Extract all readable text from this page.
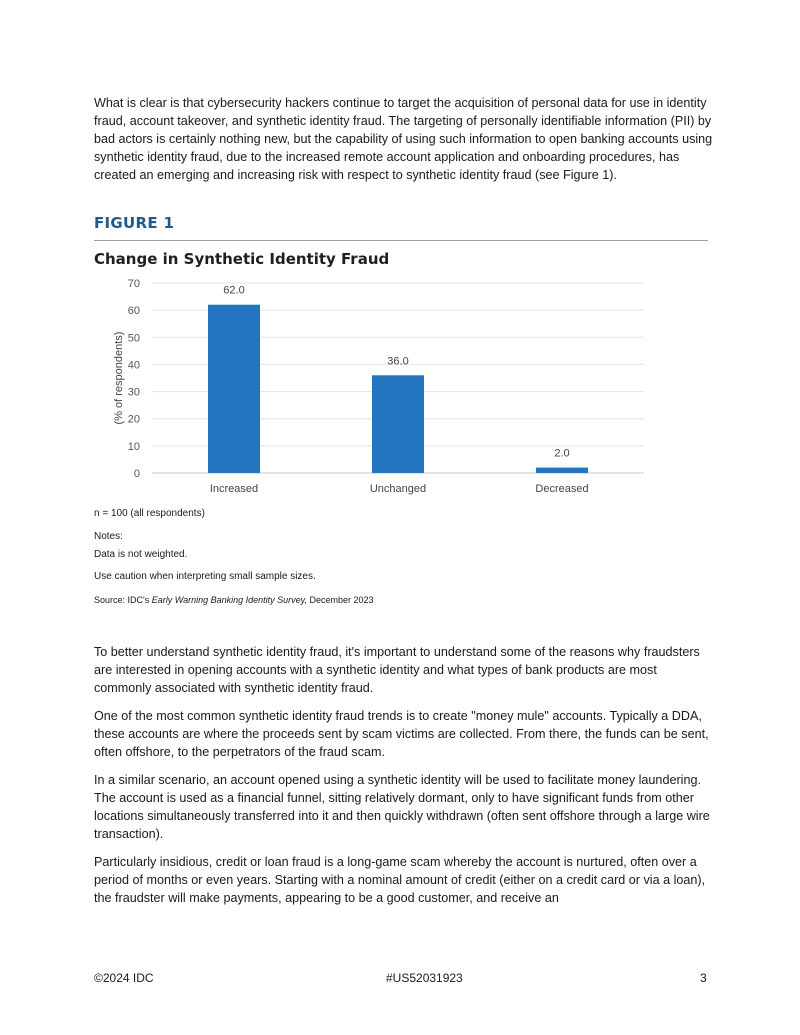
What is clear is that cybersecurity hackers continue to target the acquisition of personal data for use in identity fraud, account takeover, and synthetic identity fraud. The targeting of personally identifiable information (PII) by bad actors is certainly nothing new, but the capability of using such information to open banking accounts using synthetic identity fraud, due to the increased remote account application and onboarding procedures, has created an emerging and increasing risk with respect to synthetic identity fraud (see Figure 1).

FIGURE 1
Change in Synthetic Identity Fraud
0
10
20
30
40
50
60
70
(% of respondents)
62.0
Increased
36.0
Unchanged
2.0
Decreased

n = 100 (all respondents)

Notes:

Data is not weighted.

Use caution when interpreting small sample sizes.

Source: IDC's Early Warning Banking Identity Survey, December 2023

To better understand synthetic identity fraud, it's important to understand some of the reasons why fraudsters are interested in opening accounts with a synthetic identity and what types of bank products are most commonly associated with synthetic identity fraud.

One of the most common synthetic identity fraud trends is to create "money mule" accounts. Typically a DDA, these accounts are where the proceeds sent by scam victims are collected. From there, the funds can be sent, often offshore, to the perpetrators of the fraud scam.

In a similar scenario, an account opened using a synthetic identity will be used to facilitate money laundering. The account is used as a financial funnel, sitting relatively dormant, only to have significant funds from other locations simultaneously transferred into it and then quickly withdrawn (often sent offshore through a large wire transaction).

Particularly insidious, credit or loan fraud is a long-game scam whereby the account is nurtured, often over a period of months or even years. Starting with a nominal amount of credit (either on a credit card or via a loan), the fraudster will make payments, appearing to be a good customer, and receive an

©2024 IDC	#US52031923	3
